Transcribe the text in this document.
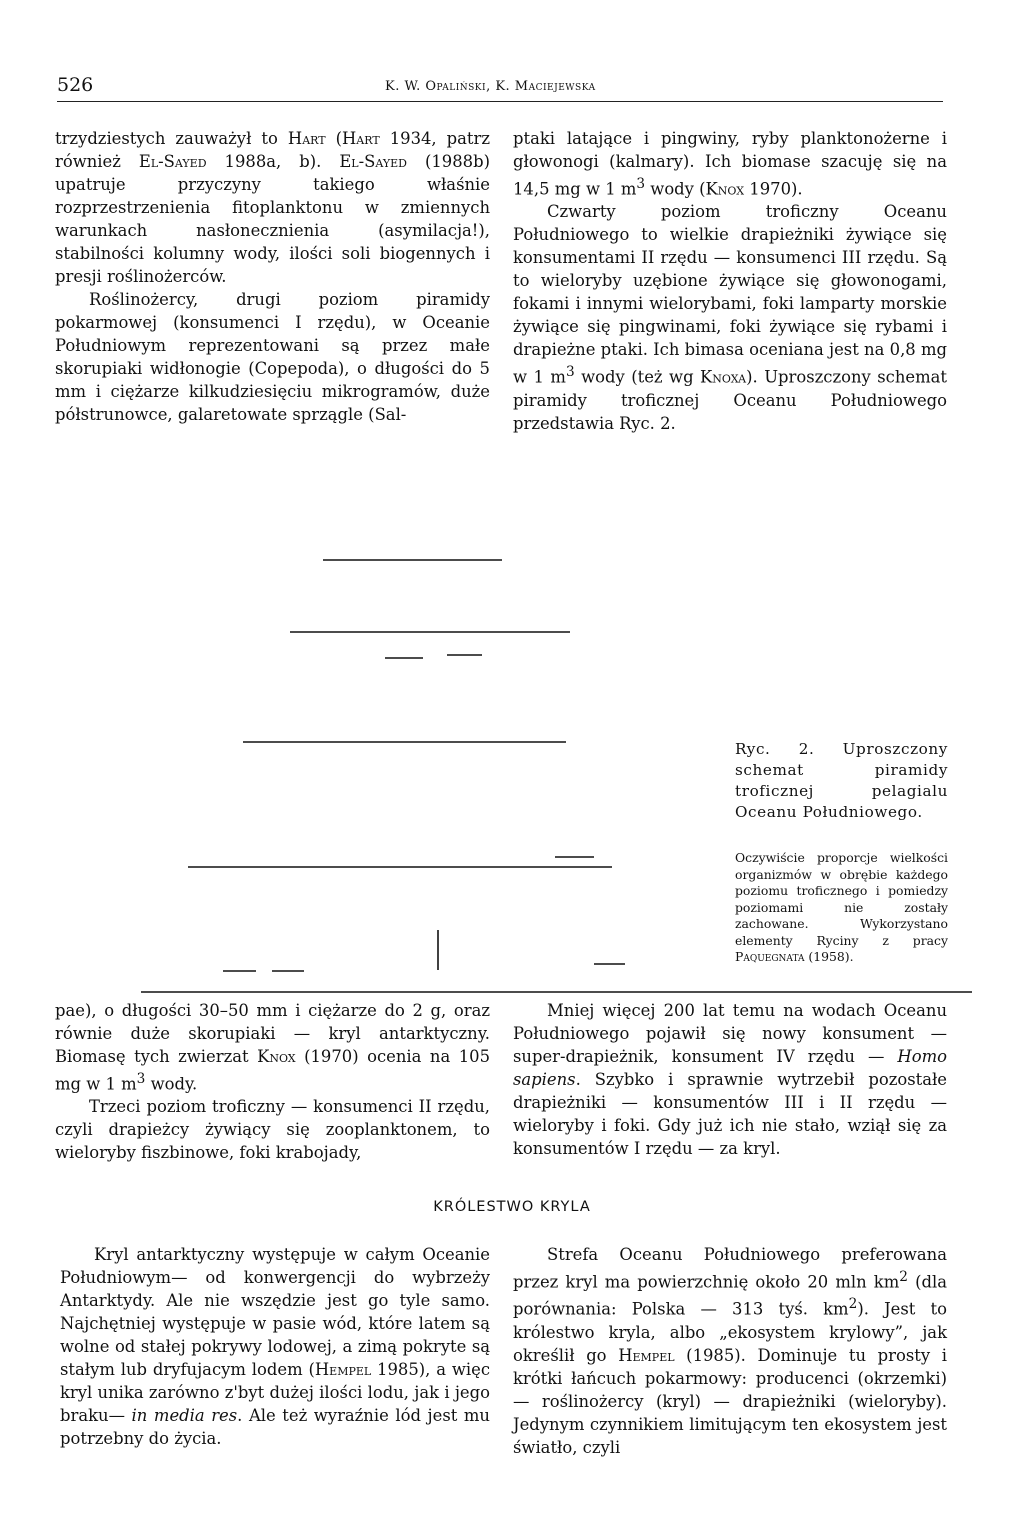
526	K. W. Opaliński, K. Maciejewska

trzydziestych zauważył to Hart (Hart 1934, patrz również El-Sayed 1988a, b). El-Sayed (1988b) upatruje przyczyny takiego właśnie rozprzestrzenienia fitoplanktonu w zmiennych warunkach nasłonecznienia (asymilacja!), stabilności kolumny wody, ilości soli biogennych i presji roślinożerców.

Roślinożercy, drugi poziom piramidy pokarmowej (konsumenci I rzędu), w Oceanie Południowym reprezentowani są przez małe skorupiaki widłonogie (Copepoda), o długości do 5 mm i ciężarze kilkudziesięciu mikrogramów, duże półstrunowce, galaretowate sprzągle (Sal-

ptaki latające i pingwiny, ryby planktonożerne i głowonogi (kalmary). Ich biomase szacuję się na 14,5 mg w 1 $m^3$ wody (Knox 1970).

Czwarty poziom troficzny Oceanu Południowego to wielkie drapieżniki żywiące się konsumentami II rzędu — konsumenci III rzędu. Są to wieloryby uzębione żywiące się głowonogami, fokami i innymi wielorybami, foki lamparty morskie żywiące się pingwinami, foki żywiące się rybami i drapieżne ptaki. Ich bimasa oceniana jest na 0,8 mg w 1 $m^3$ wody (też wg Knoxa). Uproszczony schemat piramidy troficznej Oceanu Południowego przedstawia Ryc. 2.

Ryc. 2. Uproszczony schemat piramidy troficznej pelagialu Oceanu Południowego.
Oczywiście proporcje wielkości organizmów w obrębie każdego poziomu troficznego i pomiedzy poziomami nie zostały zachowane. Wykorzystano elementy Ryciny z pracy Paquegnata (1958).

pae), o długości 30–50 mm i ciężarze do 2 g, oraz równie duże skorupiaki — kryl antarktyczny. Biomasę tych zwierzat Knox (1970) ocenia na 105 mg w 1 $m^3$ wody.

Trzeci poziom troficzny — konsumenci II rzędu, czyli drapieżcy żywiący się zooplanktonem, to wieloryby fiszbinowe, foki krabojady,

Mniej więcej 200 lat temu na wodach Oceanu Południowego pojawił się nowy konsument — super-drapieżnik, konsument IV rzędu — Homo sapiens. Szybko i sprawnie wytrzebił pozostałe drapieżniki — konsumentów III i II rzędu — wieloryby i foki. Gdy już ich nie stało, wziął się za konsumentów I rzędu — za kryl.

KRÓLESTWO KRYLA

Kryl antarktyczny występuje w całym Oceanie Południowym— od konwergencji do wybrzeży Antarktydy. Ale nie wszędzie jest go tyle samo. Najchętniej występuje w pasie wód, które latem są wolne od stałej pokrywy lodowej, a zimą pokryte są stałym lub dryfujacym lodem (Hempel 1985), a więc kryl unika zarówno z'byt dużej ilości lodu, jak i jego braku— in media res. Ale też wyraźnie lód jest mu potrzebny do życia.

Strefa Oceanu Południowego preferowana przez kryl ma powierzchnię około 20 mln $km^2$ (dla porównania: Polska — 313 tyś. $km^2$). Jest to królestwo kryla, albo „ekosystem krylowy”, jak określił go Hempel (1985). Dominuje tu prosty i krótki łańcuch pokarmowy: producenci (okrzemki) — roślinożercy (kryl) — drapieżniki (wieloryby). Jedynym czynnikiem limitującym ten ekosystem jest światło, czyli
